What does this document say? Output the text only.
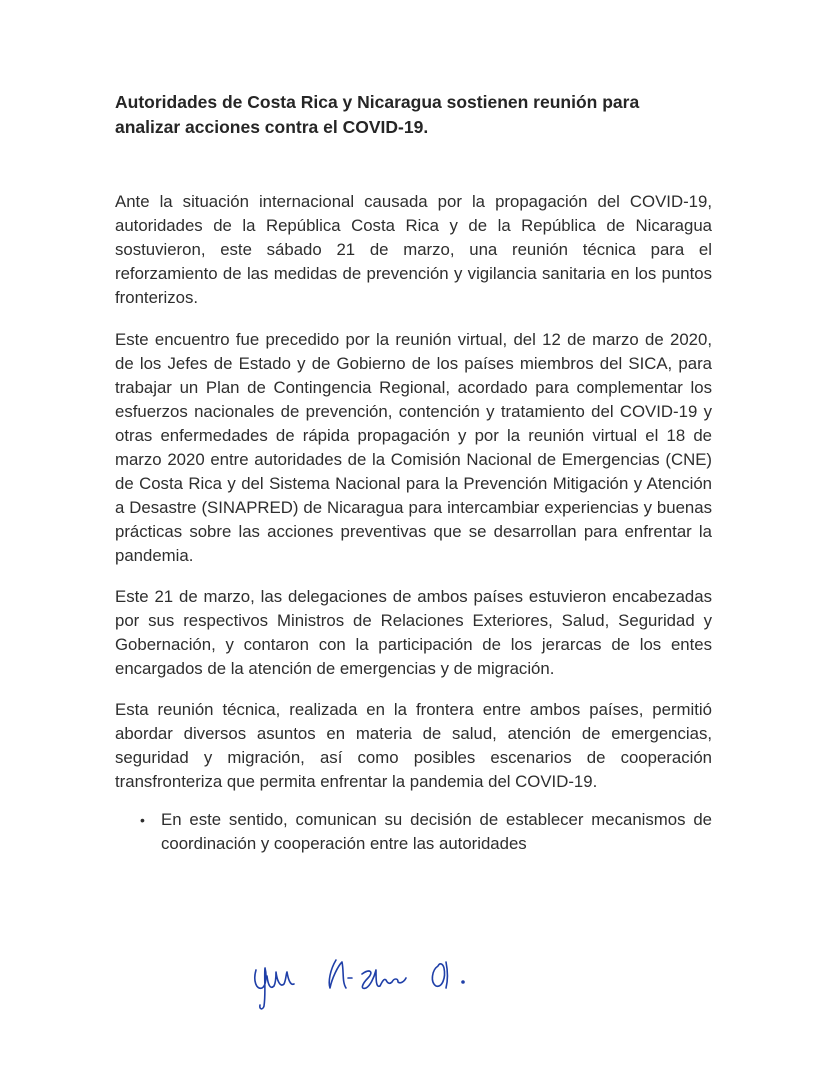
Autoridades de Costa Rica y Nicaragua sostienen reunión para
analizar acciones contra el COVID-19.

Ante la situación internacional causada por la propagación del COVID-19, autoridades de la República Costa Rica y de la República de Nicaragua sostuvieron, este sábado 21 de marzo, una reunión técnica para el reforzamiento de las medidas de prevención y vigilancia sanitaria en los puntos fronterizos.

Este encuentro fue precedido por la reunión virtual, del 12 de marzo de 2020, de los Jefes de Estado y de Gobierno de los países miembros del SICA, para trabajar un Plan de Contingencia Regional, acordado para complementar los esfuerzos nacionales de prevención, contención y tratamiento del COVID-19 y otras enfermedades de rápida propagación y por la reunión virtual el 18 de marzo 2020 entre autoridades de la Comisión Nacional de Emergencias (CNE) de Costa Rica y del Sistema Nacional para la Prevención Mitigación y Atención a Desastre (SINAPRED) de Nicaragua para intercambiar experiencias y buenas prácticas sobre las acciones preventivas que se desarrollan para enfrentar la pandemia.

Este 21 de marzo, las delegaciones de ambos países estuvieron encabezadas por sus respectivos Ministros de Relaciones Exteriores, Salud, Seguridad y Gobernación, y contaron con la participación de los jerarcas de los entes encargados de la atención de emergencias y de migración.

Esta reunión técnica, realizada en la frontera entre ambos países, permitió abordar diversos asuntos en materia de salud, atención de emergencias, seguridad y migración, así como posibles escenarios de cooperación transfronteriza que permita enfrentar la pandemia del COVID-19.

• En este sentido, comunican su decisión de establecer mecanismos de coordinación y cooperación entre las autoridades
